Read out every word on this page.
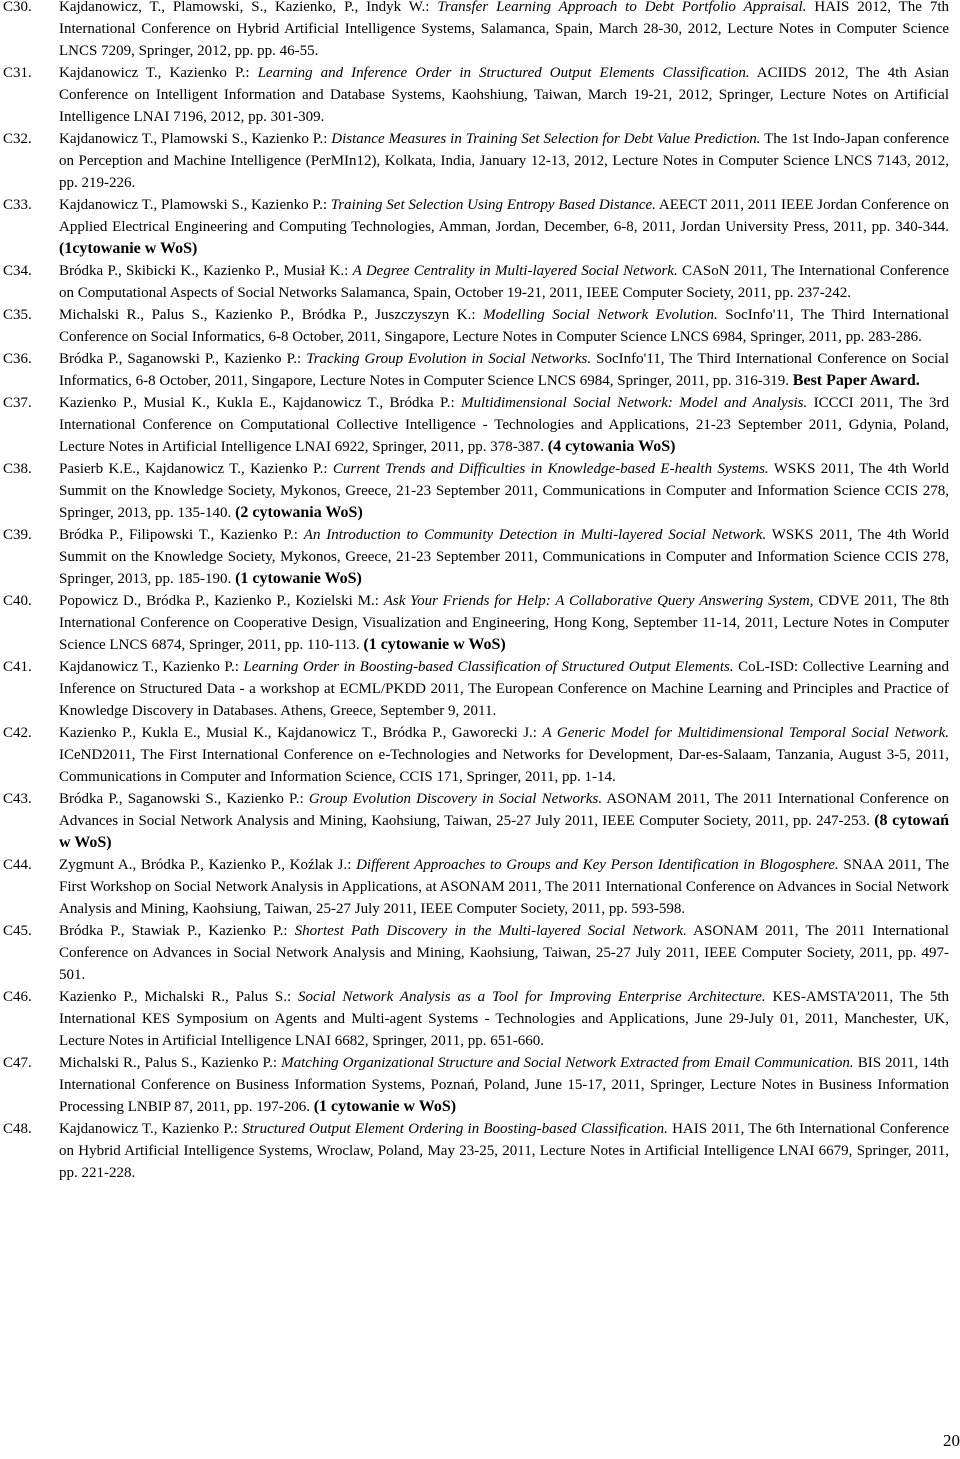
C30.	Kajdanowicz, T., Plamowski, S., Kazienko, P., Indyk W.: Transfer Learning Approach to Debt Portfolio Appraisal. HAIS 2012, The 7th International Conference on Hybrid Artificial Intelligence Systems, Salamanca, Spain, March 28-30, 2012, Lecture Notes in Computer Science LNCS 7209, Springer, 2012, pp. pp. 46-55.
C31.	Kajdanowicz T., Kazienko P.: Learning and Inference Order in Structured Output Elements Classification. ACIIDS 2012, The 4th Asian Conference on Intelligent Information and Database Systems, Kaohshiung, Taiwan, March 19-21, 2012, Springer, Lecture Notes on Artificial Intelligence LNAI 7196, 2012, pp. 301-309.
C32.	Kajdanowicz T., Plamowski S., Kazienko P.: Distance Measures in Training Set Selection for Debt Value Prediction. The 1st Indo-Japan conference on Perception and Machine Intelligence (PerMIn12), Kolkata, India, January 12-13, 2012, Lecture Notes in Computer Science LNCS 7143, 2012, pp. 219-226.
C33.	Kajdanowicz T., Plamowski S., Kazienko P.: Training Set Selection Using Entropy Based Distance. AEECT 2011, 2011 IEEE Jordan Conference on Applied Electrical Engineering and Computing Technologies, Amman, Jordan, December, 6-8, 2011, Jordan University Press, 2011, pp. 340-344. (1cytowanie w WoS)
C34.	Bródka P., Skibicki K., Kazienko P., Musiał K.: A Degree Centrality in Multi-layered Social Network. CASoN 2011, The International Conference on Computational Aspects of Social Networks Salamanca, Spain, October 19-21, 2011, IEEE Computer Society, 2011, pp. 237-242.
C35.	Michalski R., Palus S., Kazienko P., Bródka P., Juszczyszyn K.: Modelling Social Network Evolution. SocInfo'11, The Third International Conference on Social Informatics, 6-8 October, 2011, Singapore, Lecture Notes in Computer Science LNCS 6984, Springer, 2011, pp. 283-286.
C36.	Bródka P., Saganowski P., Kazienko P.: Tracking Group Evolution in Social Networks. SocInfo'11, The Third International Conference on Social Informatics, 6-8 October, 2011, Singapore, Lecture Notes in Computer Science LNCS 6984, Springer, 2011, pp. 316-319. Best Paper Award.
C37.	Kazienko P., Musial K., Kukla E., Kajdanowicz T., Bródka P.: Multidimensional Social Network: Model and Analysis. ICCCI 2011, The 3rd International Conference on Computational Collective Intelligence - Technologies and Applications, 21-23 September 2011, Gdynia, Poland, Lecture Notes in Artificial Intelligence LNAI 6922, Springer, 2011, pp. 378-387. (4 cytowania WoS)
C38.	Pasierb K.E., Kajdanowicz T., Kazienko P.: Current Trends and Difficulties in Knowledge-based E-health Systems. WSKS 2011, The 4th World Summit on the Knowledge Society, Mykonos, Greece, 21-23 September 2011, Communications in Computer and Information Science CCIS 278, Springer, 2013, pp. 135-140. (2 cytowania WoS)
C39.	Bródka P., Filipowski T., Kazienko P.: An Introduction to Community Detection in Multi-layered Social Network. WSKS 2011, The 4th World Summit on the Knowledge Society, Mykonos, Greece, 21-23 September 2011, Communications in Computer and Information Science CCIS 278, Springer, 2013, pp. 185-190. (1 cytowanie WoS)
C40.	Popowicz D., Bródka P., Kazienko P., Kozielski M.: Ask Your Friends for Help: A Collaborative Query Answering System, CDVE 2011, The 8th International Conference on Cooperative Design, Visualization and Engineering, Hong Kong, September 11-14, 2011, Lecture Notes in Computer Science LNCS 6874, Springer, 2011, pp. 110-113. (1 cytowanie w WoS)
C41.	Kajdanowicz T., Kazienko P.: Learning Order in Boosting-based Classification of Structured Output Elements. CoL-ISD: Collective Learning and Inference on Structured Data - a workshop at ECML/PKDD 2011, The European Conference on Machine Learning and Principles and Practice of Knowledge Discovery in Databases. Athens, Greece, September 9, 2011.
C42.	Kazienko P., Kukla E., Musial K., Kajdanowicz T., Bródka P., Gaworecki J.: A Generic Model for Multidimensional Temporal Social Network. ICeND2011, The First International Conference on e-Technologies and Networks for Development, Dar-es-Salaam, Tanzania, August 3-5, 2011, Communications in Computer and Information Science, CCIS 171, Springer, 2011, pp. 1-14.
C43.	Bródka P., Saganowski S., Kazienko P.: Group Evolution Discovery in Social Networks. ASONAM 2011, The 2011 International Conference on Advances in Social Network Analysis and Mining, Kaohsiung, Taiwan, 25-27 July 2011, IEEE Computer Society, 2011, pp. 247-253. (8 cytowań w WoS)
C44.	Zygmunt A., Bródka P., Kazienko P., Koźlak J.: Different Approaches to Groups and Key Person Identification in Blogosphere. SNAA 2011, The First Workshop on Social Network Analysis in Applications, at ASONAM 2011, The 2011 International Conference on Advances in Social Network Analysis and Mining, Kaohsiung, Taiwan, 25-27 July 2011, IEEE Computer Society, 2011, pp. 593-598.
C45.	Bródka P., Stawiak P., Kazienko P.: Shortest Path Discovery in the Multi-layered Social Network. ASONAM 2011, The 2011 International Conference on Advances in Social Network Analysis and Mining, Kaohsiung, Taiwan, 25-27 July 2011, IEEE Computer Society, 2011, pp. 497-501.
C46.	Kazienko P., Michalski R., Palus S.: Social Network Analysis as a Tool for Improving Enterprise Architecture. KES-AMSTA'2011, The 5th International KES Symposium on Agents and Multi-agent Systems - Technologies and Applications, June 29-July 01, 2011, Manchester, UK, Lecture Notes in Artificial Intelligence LNAI 6682, Springer, 2011, pp. 651-660.
C47.	Michalski R., Palus S., Kazienko P.: Matching Organizational Structure and Social Network Extracted from Email Communication. BIS 2011, 14th International Conference on Business Information Systems, Poznań, Poland, June 15-17, 2011, Springer, Lecture Notes in Business Information Processing LNBIP 87, 2011, pp. 197-206. (1 cytowanie w WoS)
C48.	Kajdanowicz T., Kazienko P.: Structured Output Element Ordering in Boosting-based Classification. HAIS 2011, The 6th International Conference on Hybrid Artificial Intelligence Systems, Wroclaw, Poland, May 23-25, 2011, Lecture Notes in Artificial Intelligence LNAI 6679, Springer, 2011, pp. 221-228.
20
